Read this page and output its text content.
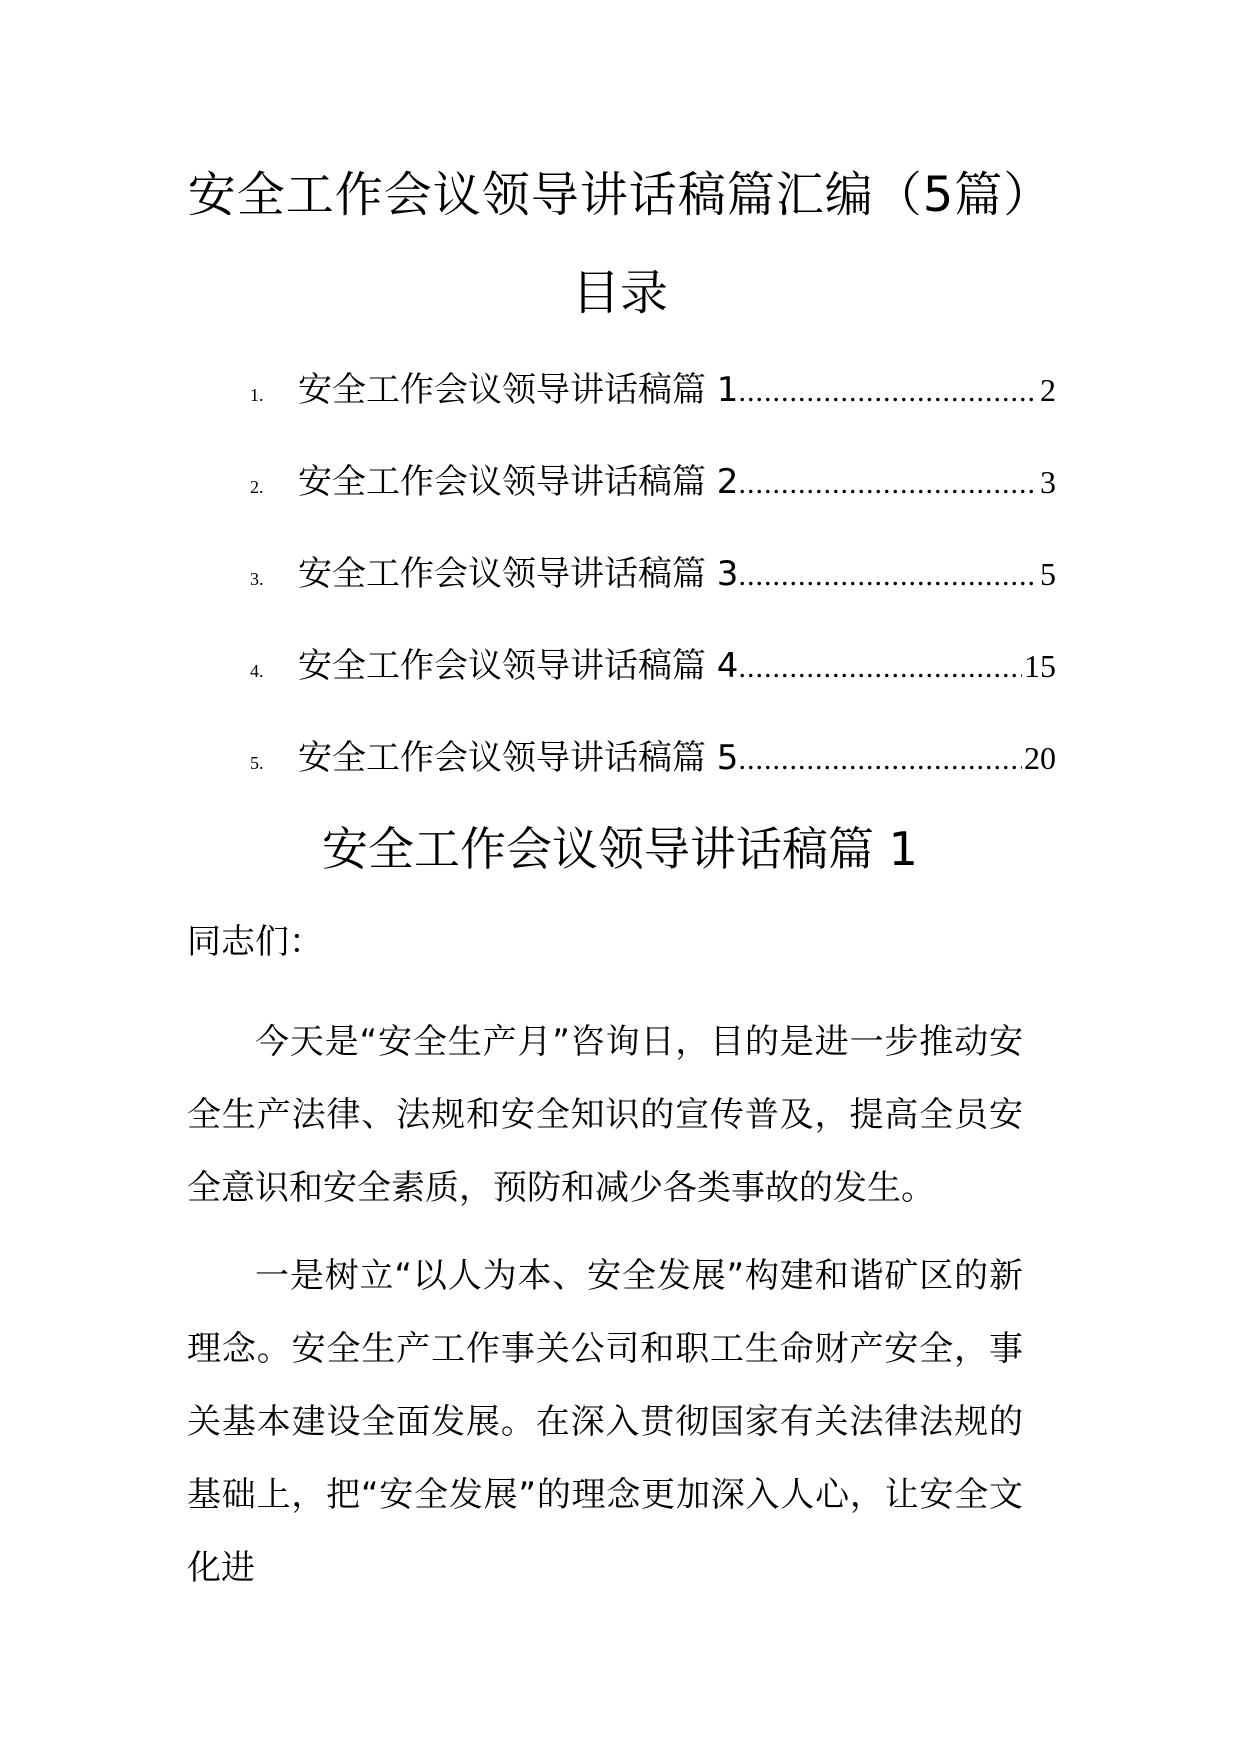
安全工作会议领导讲话稿篇汇编（5篇）
目录
1.	安全工作会议领导讲话稿篇 1 .....	2
2.	安全工作会议领导讲话稿篇 2 .....	3
3.	安全工作会议领导讲话稿篇 3 .....	5
4.	安全工作会议领导讲话稿篇 4 .....	15
5.	安全工作会议领导讲话稿篇 5 .....	20
安全工作会议领导讲话稿篇 1
同志们：

今天是“安全生产月”咨询日，目的是进一步推动安全生产法律、法规和安全知识的宣传普及，提高全员安全意识和安全素质，预防和减少各类事故的发生。

一是树立“以人为本、安全发展”构建和谐矿区的新理念。安全生产工作事关公司和职工生命财产安全，事关基本建设全面发展。在深入贯彻国家有关法律法规的基础上，把“安全发展”的理念更加深入人心，让安全文化进
